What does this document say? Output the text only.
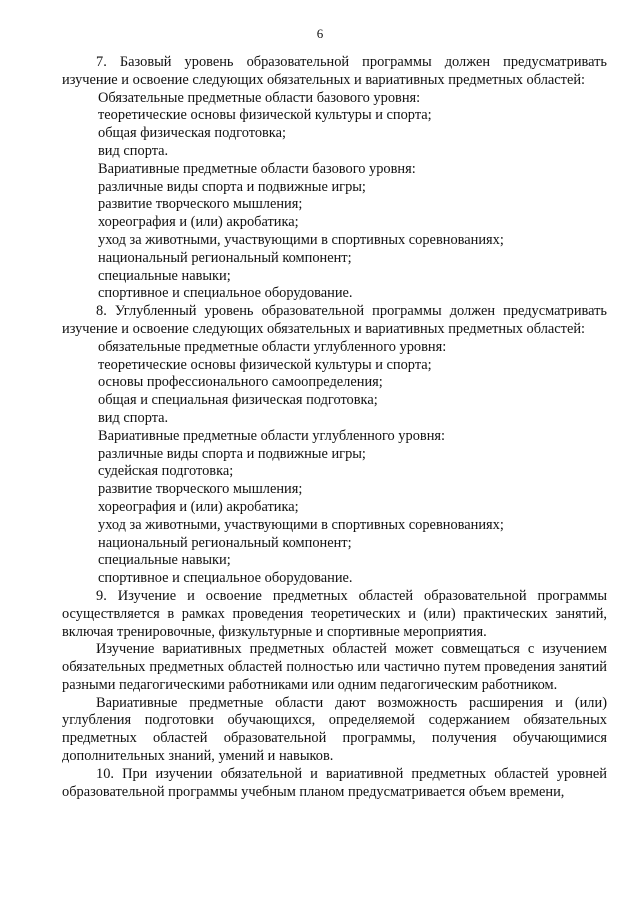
6

7. Базовый уровень образовательной программы должен предусматривать изучение и освоение следующих обязательных и вариативных предметных областей:

Обязательные предметные области базового уровня:

теоретические основы физической культуры и спорта;

общая физическая подготовка;

вид спорта.

Вариативные предметные области базового уровня:

различные виды спорта и подвижные игры;

развитие творческого мышления;

хореография и (или) акробатика;

уход за животными, участвующими в спортивных соревнованиях;

национальный региональный компонент;

специальные навыки;

спортивное и специальное оборудование.

8. Углубленный уровень образовательной программы должен предусматривать изучение и освоение следующих обязательных и вариативных предметных областей:

обязательные предметные области углубленного уровня:

теоретические основы физической культуры и спорта;

основы профессионального самоопределения;

общая и специальная физическая подготовка;

вид спорта.

Вариативные предметные области углубленного уровня:

различные виды спорта и подвижные игры;

судейская подготовка;

развитие творческого мышления;

хореография и (или) акробатика;

уход за животными, участвующими в спортивных соревнованиях;

национальный региональный компонент;

специальные навыки;

спортивное и специальное оборудование.

9. Изучение и освоение предметных областей образовательной программы осуществляется в рамках проведения теоретических и (или) практических занятий, включая тренировочные, физкультурные и спортивные мероприятия.

Изучение вариативных предметных областей может совмещаться с изучением обязательных предметных областей полностью или частично путем проведения занятий разными педагогическими работниками или одним педагогическим работником.

Вариативные предметные области дают возможность расширения и (или) углубления подготовки обучающихся, определяемой содержанием обязательных предметных областей образовательной программы, получения обучающимися дополнительных знаний, умений и навыков.

10. При изучении обязательной и вариативной предметных областей уровней образовательной программы учебным планом предусматривается объем времени,
